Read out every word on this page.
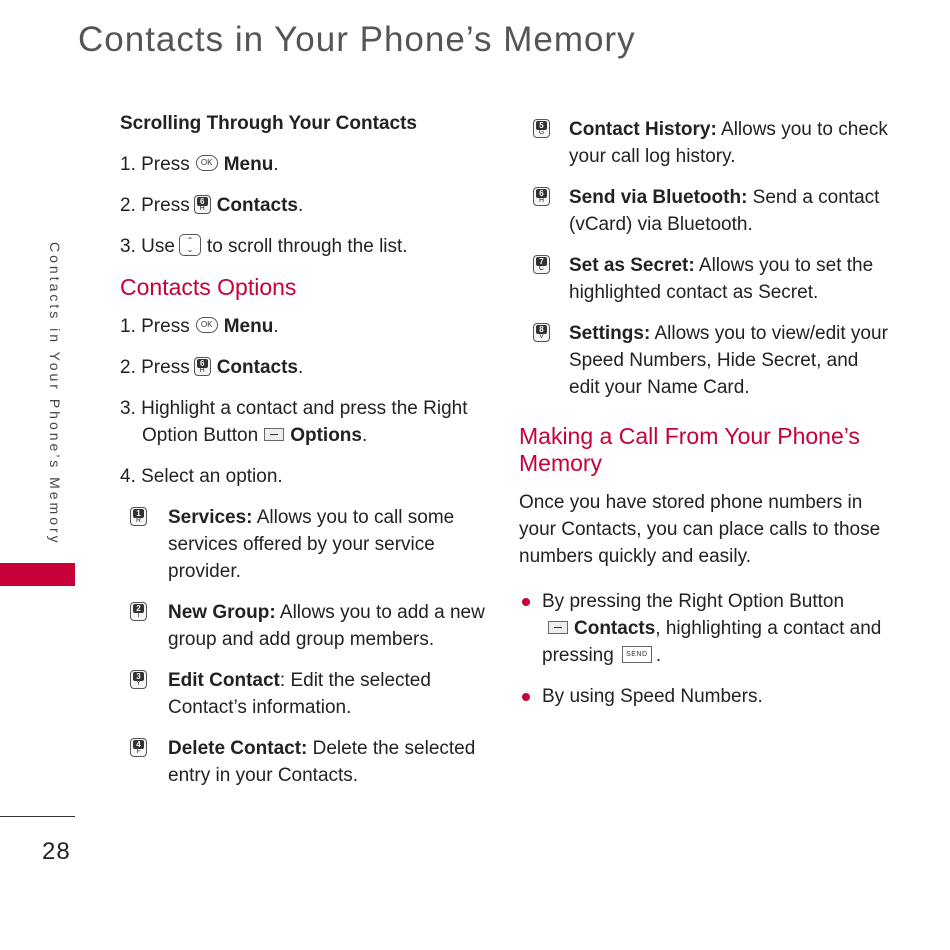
Contacts in Your Phone’s Memory
Contacts in Your Phone’s Memory
28
Scrolling Through Your Contacts
1. Press OK Menu.
2. Press	6
H Contacts.
3. Use ⌃
⌄ to scroll through the list.
Contacts Options
1. Press OK Menu.
2. Press	6
H Contacts.
3. Highlight a contact and press the Right Option Button Options.
4. Select an option.
1
R Services: Allows you to call some services offered by your service provider.
2
T New Group: Allows you to add a new group and add group members.
3
Y Edit Contact: Edit the selected Contact’s information.
4
F Delete Contact: Delete the selected entry in your Contacts.
5
G Contact History: Allows you to check your call log history.
6
H Send via Bluetooth: Send a contact (vCard) via Bluetooth.
7
C Set as Secret: Allows you to set the highlighted contact as Secret.
8
V Settings: Allows you to view/edit your Speed Numbers, Hide Secret, and edit your Name Card.
Making a Call From Your Phone’s Memory
Once you have stored phone numbers in your Contacts, you can place calls to those numbers quickly and easily.
By pressing the Right Option Button
Contacts, highlighting a contact and pressing SEND .
By using Speed Numbers.
